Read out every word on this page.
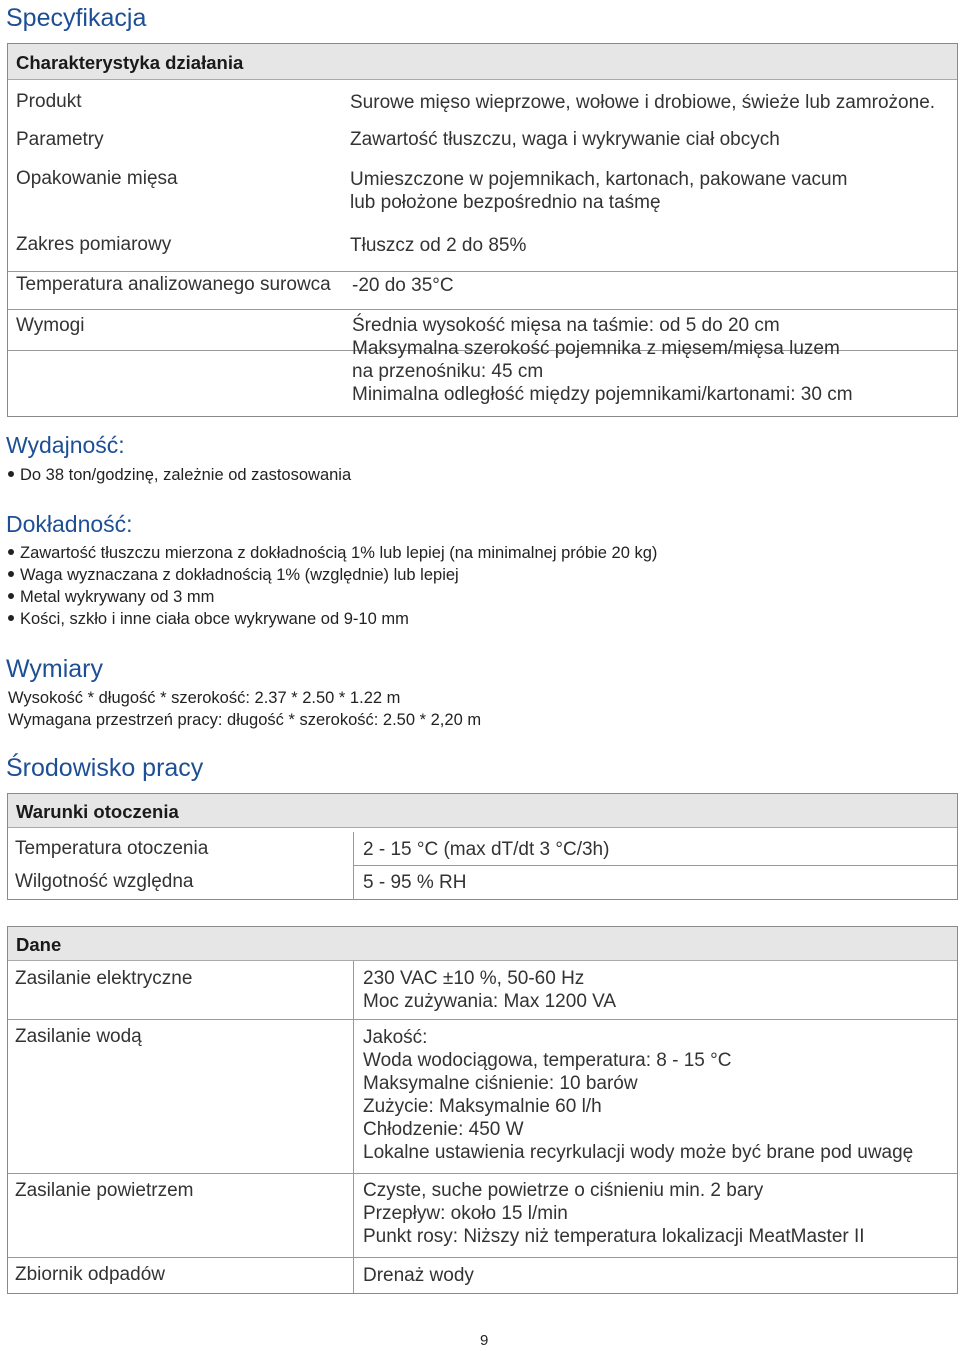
Specyfikacja
Charakterystyka działania
Produkt	Surowe mięso wieprzowe, wołowe i drobiowe, świeże lub zamrożone.
Parametry	Zawartość tłuszczu, waga i wykrywanie ciał obcych
Opakowanie mięsa	Umieszczone w pojemnikach, kartonach, pakowane vacum
lub położone bezpośrednio na taśmę
Zakres pomiarowy	Tłuszcz od 2 do 85%
Temperatura analizowanego surowca -20 do 35°C
Wymogi	Średnia wysokość mięsa na taśmie: od 5 do 20 cm
Maksymalna szerokość pojemnika z mięsem/mięsa luzem
na przenośniku: 45 cm
Minimalna odległość między pojemnikami/kartonami: 30 cm
Wydajność:
Do 38 ton/godzinę, zależnie od zastosowania
Dokładność:
Zawartość tłuszczu mierzona z dokładnością 1% lub lepiej (na minimalnej próbie 20 kg)
Waga wyznaczana z dokładnością 1% (względnie) lub lepiej
Metal wykrywany od 3 mm
Kości, szkło i inne ciała obce wykrywane od 9-10 mm
Wymiary
Wysokość * długość * szerokość: 2.37 * 2.50 * 1.22 m
Wymagana przestrzeń pracy: długość * szerokość: 2.50 * 2,20 m
Środowisko pracy
Warunki otoczenia
Temperatura otoczenia	2 - 15 °C (max dT/dt 3 °C/3h)
Wilgotność względna	5 - 95 % RH
Dane
Zasilanie elektryczne	230 VAC ±10 %, 50-60 Hz
Moc zużywania: Max 1200 VA
Zasilanie wodą	Jakość:
Woda wodociągowa, temperatura: 8 - 15 °C
Maksymalne ciśnienie: 10 barów
Zużycie: Maksymalnie 60 l/h
Chłodzenie: 450 W
Lokalne ustawienia recyrkulacji wody może być brane pod uwagę
Zasilanie powietrzem	Czyste, suche powietrze o ciśnieniu min. 2 bary
Przepływ: około 15 l/min
Punkt rosy: Niższy niż temperatura lokalizacji MeatMaster II
Zbiornik odpadów	Drenaż wody
9
